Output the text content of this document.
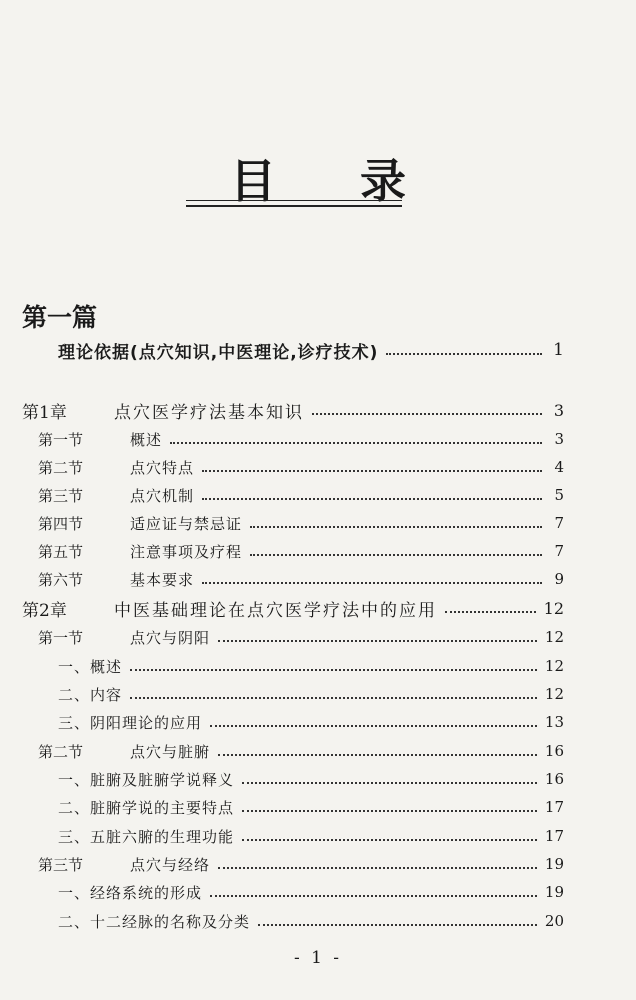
目 录
第一篇
理论依据(点穴知识,中医理论,诊疗技术)	1
第1章	点穴医学疗法基本知识	3
第一节	概述	3
第二节	点穴特点	4
第三节	点穴机制	5
第四节	适应证与禁忌证	7
第五节	注意事项及疗程	7
第六节	基本要求	9
第2章	中医基础理论在点穴医学疗法中的应用	12
第一节	点穴与阴阳	12
一、概述	12
二、内容	12
三、阴阳理论的应用	13
第二节	点穴与脏腑	16
一、脏腑及脏腑学说释义	16
二、脏腑学说的主要特点	17
三、五脏六腑的生理功能	17
第三节	点穴与经络	19
一、经络系统的形成	19
二、十二经脉的名称及分类	20
- 1 -
